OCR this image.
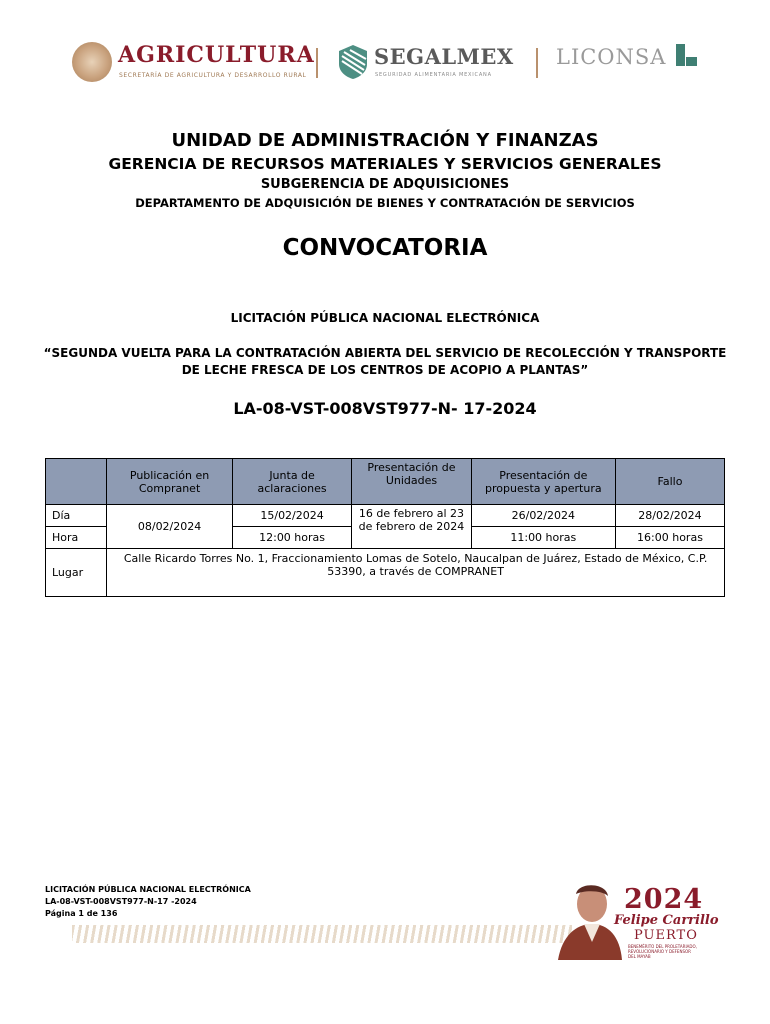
AGRICULTURA
SECRETARÍA DE AGRICULTURA Y DESARROLLO RURAL
SEGALMEX
SEGURIDAD ALIMENTARIA MEXICANA
LICONSA
UNIDAD DE ADMINISTRACIÓN Y FINANZAS
GERENCIA DE RECURSOS MATERIALES Y SERVICIOS GENERALES
SUBGERENCIA DE ADQUISICIONES
DEPARTAMENTO DE ADQUISICIÓN DE BIENES Y CONTRATACIÓN DE SERVICIOS
CONVOCATORIA
LICITACIÓN PÚBLICA NACIONAL ELECTRÓNICA
“SEGUNDA VUELTA PARA LA CONTRATACIÓN ABIERTA DEL SERVICIO DE RECOLECCIÓN Y TRANSPORTE DE LECHE FRESCA DE LOS CENTROS DE ACOPIO A PLANTAS”
LA-08-VST-008VST977-N- 17-2024
	Publicación en Compranet	Junta de aclaraciones	Presentación de Unidades	Presentación de propuesta y apertura	Fallo
Día	08/02/2024	15/02/2024	16 de febrero al 23 de febrero de 2024	26/02/2024	28/02/2024
Hora		12:00 horas		11:00 horas	16:00 horas
Lugar	Calle Ricardo Torres No. 1, Fraccionamiento Lomas de Sotelo, Naucalpan de Juárez, Estado de México, C.P. 53390, a través de COMPRANET				
LICITACIÓN PÚBLICA NACIONAL ELECTRÓNICA
LA-08-VST-008VST977-N-17 -2024
Página 1 de 136	2024
Felipe Carrillo
PUERTO
BENEMÉRITO DEL PROLETARIADO, REVOLUCIONARIO Y DEFENSOR DEL MAYAB
